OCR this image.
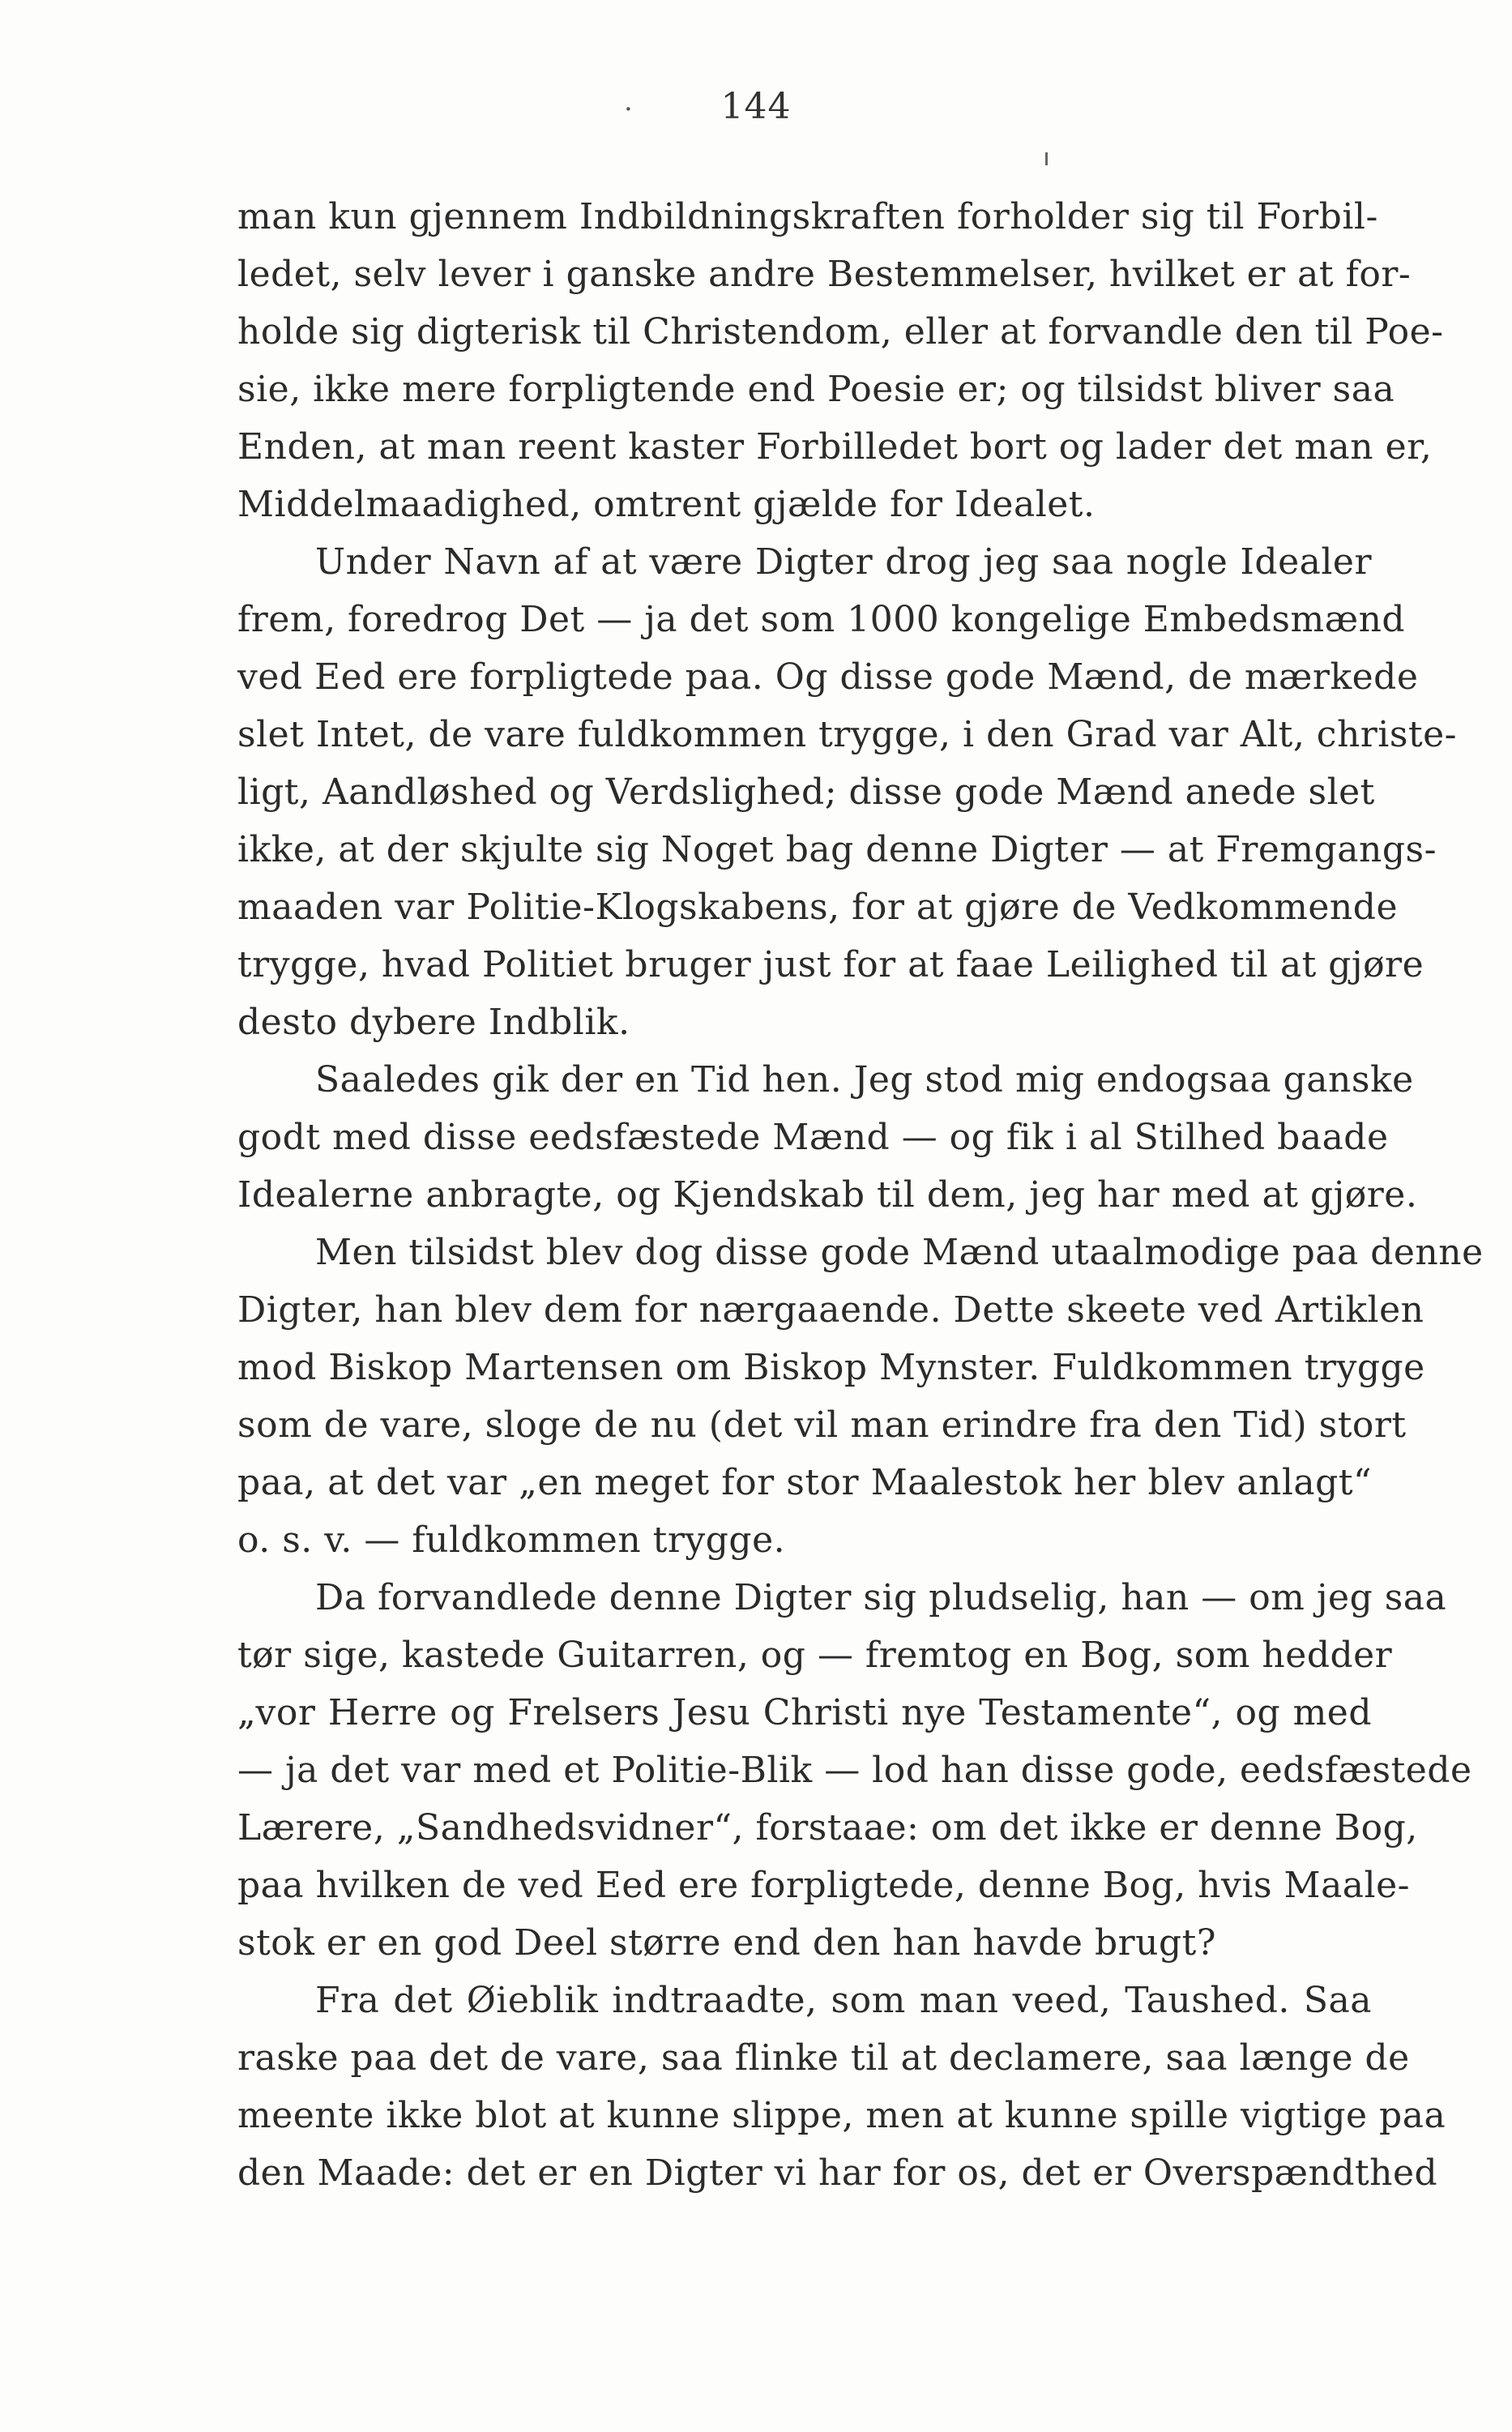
·	144
man kun gjennem Indbildningskraften forholder sig til Forbil-
ledet, selv lever i ganske andre Bestemmelser, hvilket er at for-
holde sig digterisk til Christendom, eller at forvandle den til Poe-
sie, ikke mere forpligtende end Poesie er; og tilsidst bliver saa
Enden, at man reent kaster Forbilledet bort og lader det man er,
Middelmaadighed, omtrent gjælde for Idealet.
Under Navn af at være Digter drog jeg saa nogle Idealer
frem, foredrog Det — ja det som 1000 kongelige Embedsmænd
ved Eed ere forpligtede paa. Og disse gode Mænd, de mærkede
slet Intet, de vare fuldkommen trygge, i den Grad var Alt, christe-
ligt, Aandløshed og Verdslighed; disse gode Mænd anede slet
ikke, at der skjulte sig Noget bag denne Digter — at Fremgangs-
maaden var Politie-Klogskabens, for at gjøre de Vedkommende
trygge, hvad Politiet bruger just for at faae Leilighed til at gjøre
desto dybere Indblik.
Saaledes gik der en Tid hen. Jeg stod mig endogsaa ganske
godt med disse eedsfæstede Mænd — og fik i al Stilhed baade
Idealerne anbragte, og Kjendskab til dem, jeg har med at gjøre.
Men tilsidst blev dog disse gode Mænd utaalmodige paa denne
Digter, han blev dem for nærgaaende. Dette skeete ved Artiklen
mod Biskop Martensen om Biskop Mynster. Fuldkommen trygge
som de vare, sloge de nu (det vil man erindre fra den Tid) stort
paa, at det var „en meget for stor Maalestok her blev anlagt“
o. s. v. — fuldkommen trygge.
Da forvandlede denne Digter sig pludselig, han — om jeg saa
tør sige, kastede Guitarren, og — fremtog en Bog, som hedder
„vor Herre og Frelsers Jesu Christi nye Testamente“, og med
— ja det var med et Politie-Blik — lod han disse gode, eedsfæstede
Lærere, „Sandhedsvidner“, forstaae: om det ikke er denne Bog,
paa hvilken de ved Eed ere forpligtede, denne Bog, hvis Maale-
stok er en god Deel større end den han havde brugt?
Fra det Øieblik indtraadte, som man veed, Taushed. Saa
raske paa det de vare, saa flinke til at declamere, saa længe de
meente ikke blot at kunne slippe, men at kunne spille vigtige paa
den Maade: det er en Digter vi har for os, det er Overspændthed
